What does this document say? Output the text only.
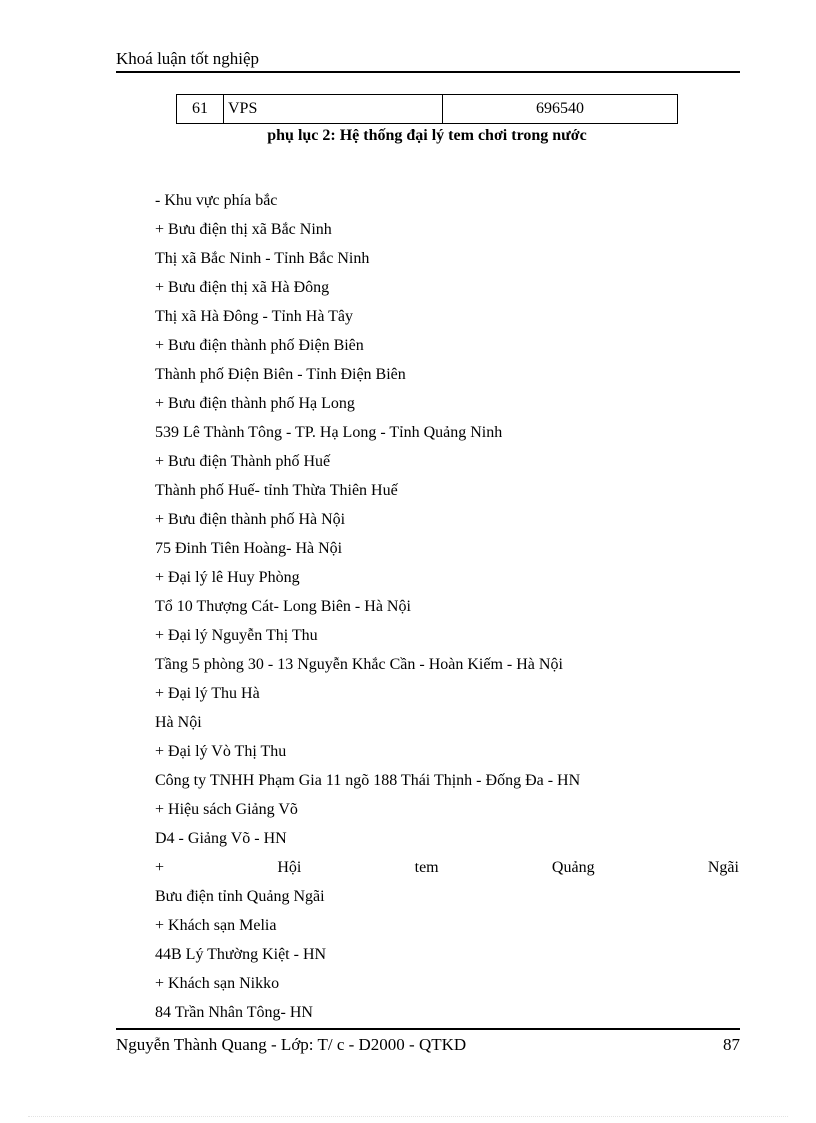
Khoá luận tốt nghiệp
61	VPS	696540
phụ lục 2: Hệ thống đại lý tem chơi trong nước
- Khu vực phía bắc
+ Bưu điện thị xã Bắc Ninh
Thị xã Bắc Ninh - Tỉnh Bắc Ninh
+ Bưu điện thị xã Hà Đông
Thị xã Hà Đông - Tỉnh Hà Tây
+ Bưu điện thành phố Điện Biên
Thành phố Điện Biên - Tỉnh Điện Biên
+ Bưu điện thành phố Hạ Long
539 Lê Thành Tông - TP. Hạ Long - Tỉnh Quảng Ninh
+ Bưu điện Thành phố Huế
Thành phố Huế- tỉnh Thừa Thiên Huế
+ Bưu điện thành phố Hà Nội
75 Đinh Tiên Hoàng- Hà Nội
+ Đại lý lê Huy Phòng
Tổ 10 Thượng Cát- Long Biên - Hà Nội
+ Đại lý Nguyễn Thị Thu
Tầng 5 phòng 30 - 13 Nguyễn Khắc Cần - Hoàn Kiếm - Hà Nội
+ Đại lý Thu Hà
Hà Nội
+ Đại lý Vò Thị Thu
Công ty TNHH Phạm Gia 11 ngõ 188 Thái Thịnh - Đống Đa - HN
+ Hiệu sách Giảng Võ
D4 - Giảng Võ - HN
+	Hội	tem	Quảng	Ngãi
Bưu điện tỉnh Quảng Ngãi
+ Khách sạn Melia
44B Lý Thường Kiệt - HN
+ Khách sạn Nikko
84 Trần Nhân Tông- HN
Nguyễn Thành Quang - Lớp: T/ c - D2000 - QTKD	87
